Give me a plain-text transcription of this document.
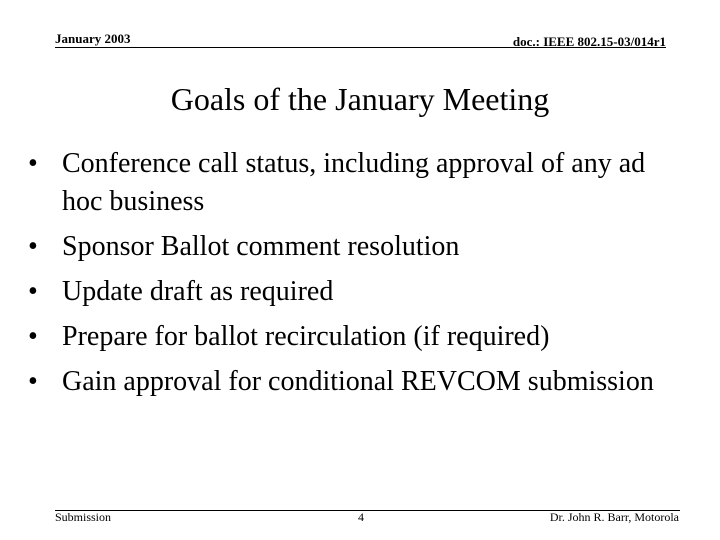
January 2003	doc.: IEEE 802.15-03/014r1
Goals of the January Meeting
• Conference call status, including approval of any ad hoc business
• Sponsor Ballot comment resolution
• Update draft as required
• Prepare for ballot recirculation (if required)
• Gain approval for conditional REVCOM submission
Submission	4	Dr. John R. Barr, Motorola
